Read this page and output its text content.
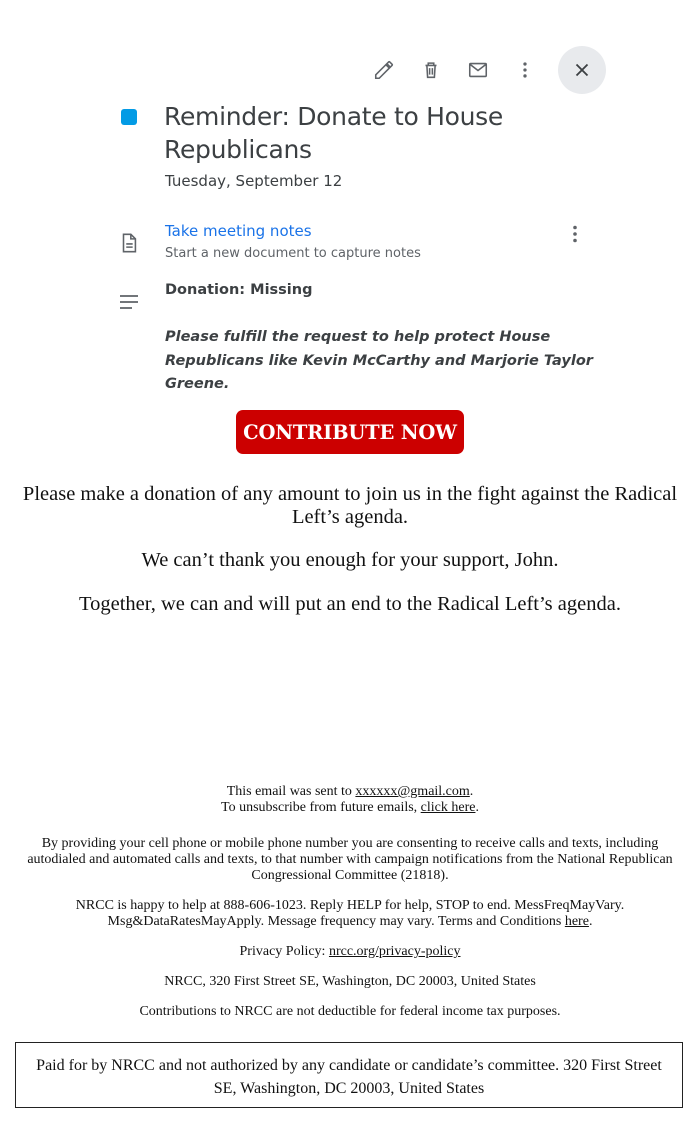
Reminder: Donate to House Republicans
Tuesday, September 12
Take meeting notes
Start a new document to capture notes
Donation: Missing
Please fulfill the request to help protect House Republicans like Kevin McCarthy and Marjorie Taylor Greene.
CONTRIBUTE NOW
Please make a donation of any amount to join us in the fight against the Radical Left’s agenda.
We can’t thank you enough for your support, John.
Together, we can and will put an end to the Radical Left’s agenda.
This email was sent to xxxxxx@gmail.com.
To unsubscribe from future emails, click here.
By providing your cell phone or mobile phone number you are consenting to receive calls and texts, including autodialed and automated calls and texts, to that number with campaign notifications from the National Republican Congressional Committee (21818).
NRCC is happy to help at 888-606-1023. Reply HELP for help, STOP to end. MessFreqMayVary. Msg&DataRatesMayApply. Message frequency may vary. Terms and Conditions here.
Privacy Policy: nrcc.org/privacy-policy
NRCC, 320 First Street SE, Washington, DC 20003, United States
Contributions to NRCC are not deductible for federal income tax purposes.
Paid for by NRCC and not authorized by any candidate or candidate’s committee. 320 First Street SE, Washington, DC 20003, United States
